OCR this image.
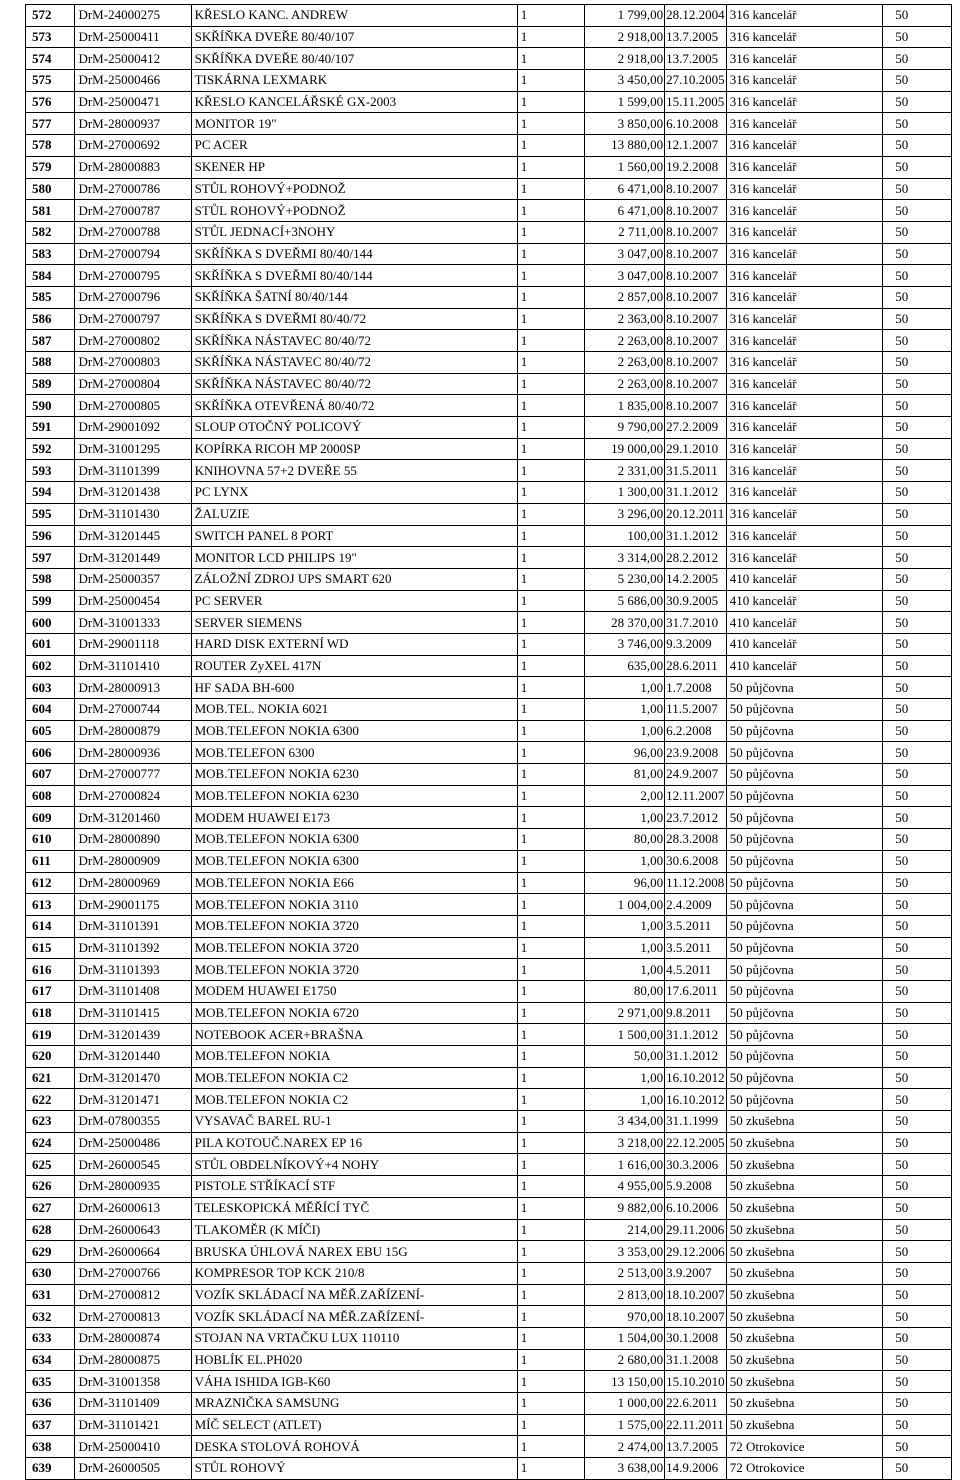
572	DrM-24000275	KŘESLO KANC. ANDREW	1	1 799,00	28.12.2004	316 kancelář	50
573	DrM-25000411	SKŘÍŇKA DVEŘE 80/40/107	1	2 918,00	13.7.2005	316 kancelář	50
574	DrM-25000412	SKŘÍŇKA DVEŘE 80/40/107	1	2 918,00	13.7.2005	316 kancelář	50
575	DrM-25000466	TISKÁRNA LEXMARK	1	3 450,00	27.10.2005	316 kancelář	50
576	DrM-25000471	KŘESLO KANCELÁŘSKÉ GX-2003	1	1 599,00	15.11.2005	316 kancelář	50
577	DrM-28000937	MONITOR 19"	1	3 850,00	6.10.2008	316 kancelář	50
578	DrM-27000692	PC ACER	1	13 880,00	12.1.2007	316 kancelář	50
579	DrM-28000883	SKENER HP	1	1 560,00	19.2.2008	316 kancelář	50
580	DrM-27000786	STŮL ROHOVÝ+PODNOŽ	1	6 471,00	8.10.2007	316 kancelář	50
581	DrM-27000787	STŮL ROHOVÝ+PODNOŽ	1	6 471,00	8.10.2007	316 kancelář	50
582	DrM-27000788	STŮL JEDNACÍ+3NOHY	1	2 711,00	8.10.2007	316 kancelář	50
583	DrM-27000794	SKŘÍŇKA S DVEŘMI 80/40/144	1	3 047,00	8.10.2007	316 kancelář	50
584	DrM-27000795	SKŘÍŇKA S DVEŘMI 80/40/144	1	3 047,00	8.10.2007	316 kancelář	50
585	DrM-27000796	SKŘÍŇKA ŠATNÍ 80/40/144	1	2 857,00	8.10.2007	316 kancelář	50
586	DrM-27000797	SKŘÍŇKA S DVEŘMI 80/40/72	1	2 363,00	8.10.2007	316 kancelář	50
587	DrM-27000802	SKŘÍŇKA NÁSTAVEC 80/40/72	1	2 263,00	8.10.2007	316 kancelář	50
588	DrM-27000803	SKŘÍŇKA NÁSTAVEC 80/40/72	1	2 263,00	8.10.2007	316 kancelář	50
589	DrM-27000804	SKŘÍŇKA NÁSTAVEC 80/40/72	1	2 263,00	8.10.2007	316 kancelář	50
590	DrM-27000805	SKŘÍŇKA OTEVŘENÁ 80/40/72	1	1 835,00	8.10.2007	316 kancelář	50
591	DrM-29001092	SLOUP OTOČNÝ POLICOVÝ	1	9 790,00	27.2.2009	316 kancelář	50
592	DrM-31001295	KOPÍRKA RICOH MP 2000SP	1	19 000,00	29.1.2010	316 kancelář	50
593	DrM-31101399	KNIHOVNA 57+2 DVEŘE 55	1	2 331,00	31.5.2011	316 kancelář	50
594	DrM-31201438	PC LYNX	1	1 300,00	31.1.2012	316 kancelář	50
595	DrM-31101430	ŽALUZIE	1	3 296,00	20.12.2011	316 kancelář	50
596	DrM-31201445	SWITCH PANEL 8 PORT	1	100,00	31.1.2012	316 kancelář	50
597	DrM-31201449	MONITOR LCD PHILIPS 19"	1	3 314,00	28.2.2012	316 kancelář	50
598	DrM-25000357	ZÁLOŽNÍ ZDROJ UPS SMART 620	1	5 230,00	14.2.2005	410 kancelář	50
599	DrM-25000454	PC SERVER	1	5 686,00	30.9.2005	410 kancelář	50
600	DrM-31001333	SERVER SIEMENS	1	28 370,00	31.7.2010	410 kancelář	50
601	DrM-29001118	HARD DISK EXTERNÍ WD	1	3 746,00	9.3.2009	410 kancelář	50
602	DrM-31101410	ROUTER ZyXEL 417N	1	635,00	28.6.2011	410 kancelář	50
603	DrM-28000913	HF SADA BH-600	1	1,00	1.7.2008	50 půjčovna	50
604	DrM-27000744	MOB.TEL. NOKIA 6021	1	1,00	11.5.2007	50 půjčovna	50
605	DrM-28000879	MOB.TELEFON NOKIA 6300	1	1,00	6.2.2008	50 půjčovna	50
606	DrM-28000936	MOB.TELEFON 6300	1	96,00	23.9.2008	50 půjčovna	50
607	DrM-27000777	MOB.TELEFON NOKIA 6230	1	81,00	24.9.2007	50 půjčovna	50
608	DrM-27000824	MOB.TELEFON NOKIA 6230	1	2,00	12.11.2007	50 půjčovna	50
609	DrM-31201460	MODEM HUAWEI E173	1	1,00	23.7.2012	50 půjčovna	50
610	DrM-28000890	MOB.TELEFON NOKIA 6300	1	80,00	28.3.2008	50 půjčovna	50
611	DrM-28000909	MOB.TELEFON NOKIA 6300	1	1,00	30.6.2008	50 půjčovna	50
612	DrM-28000969	MOB.TELEFON NOKIA E66	1	96,00	11.12.2008	50 půjčovna	50
613	DrM-29001175	MOB.TELEFON NOKIA 3110	1	1 004,00	2.4.2009	50 půjčovna	50
614	DrM-31101391	MOB.TELEFON NOKIA 3720	1	1,00	3.5.2011	50 půjčovna	50
615	DrM-31101392	MOB.TELEFON NOKIA 3720	1	1,00	3.5.2011	50 půjčovna	50
616	DrM-31101393	MOB.TELEFON NOKIA 3720	1	1,00	4.5.2011	50 půjčovna	50
617	DrM-31101408	MODEM HUAWEI E1750	1	80,00	17.6.2011	50 půjčovna	50
618	DrM-31101415	MOB.TELEFON NOKIA 6720	1	2 971,00	9.8.2011	50 půjčovna	50
619	DrM-31201439	NOTEBOOK ACER+BRAŠNA	1	1 500,00	31.1.2012	50 půjčovna	50
620	DrM-31201440	MOB.TELEFON NOKIA	1	50,00	31.1.2012	50 půjčovna	50
621	DrM-31201470	MOB.TELEFON NOKIA C2	1	1,00	16.10.2012	50 půjčovna	50
622	DrM-31201471	MOB.TELEFON NOKIA C2	1	1,00	16.10.2012	50 půjčovna	50
623	DrM-07800355	VYSAVAČ BAREL RU-1	1	3 434,00	31.1.1999	50 zkušebna	50
624	DrM-25000486	PILA KOTOUČ.NAREX EP 16	1	3 218,00	22.12.2005	50 zkušebna	50
625	DrM-26000545	STŮL OBDELNÍKOVÝ+4 NOHY	1	1 616,00	30.3.2006	50 zkušebna	50
626	DrM-28000935	PISTOLE STŘÍKACÍ STF	1	4 955,00	5.9.2008	50 zkušebna	50
627	DrM-26000613	TELESKOPICKÁ MĚŘÍCÍ TYČ	1	9 882,00	6.10.2006	50 zkušebna	50
628	DrM-26000643	TLAKOMĚR (K MÍČI)	1	214,00	29.11.2006	50 zkušebna	50
629	DrM-26000664	BRUSKA ÚHLOVÁ NAREX EBU 15G	1	3 353,00	29.12.2006	50 zkušebna	50
630	DrM-27000766	KOMPRESOR TOP KCK 210/8	1	2 513,00	3.9.2007	50 zkušebna	50
631	DrM-27000812	VOZÍK SKLÁDACÍ NA MĚŘ.ZAŘÍZENÍ-	1	2 813,00	18.10.2007	50 zkušebna	50
632	DrM-27000813	VOZÍK SKLÁDACÍ NA MĚŘ.ZAŘÍZENÍ-	1	970,00	18.10.2007	50 zkušebna	50
633	DrM-28000874	STOJAN NA VRTAČKU LUX 110110	1	1 504,00	30.1.2008	50 zkušebna	50
634	DrM-28000875	HOBLÍK EL.PH020	1	2 680,00	31.1.2008	50 zkušebna	50
635	DrM-31001358	VÁHA ISHIDA IGB-K60	1	13 150,00	15.10.2010	50 zkušebna	50
636	DrM-31101409	MRAZNIČKA SAMSUNG	1	1 000,00	22.6.2011	50 zkušebna	50
637	DrM-31101421	MÍČ SELECT (ATLET)	1	1 575,00	22.11.2011	50 zkušebna	50
638	DrM-25000410	DESKA STOLOVÁ ROHOVÁ	1	2 474,00	13.7.2005	72 Otrokovice	50
639	DrM-26000505	STŮL ROHOVÝ	1	3 638,00	14.9.2006	72 Otrokovice	50
